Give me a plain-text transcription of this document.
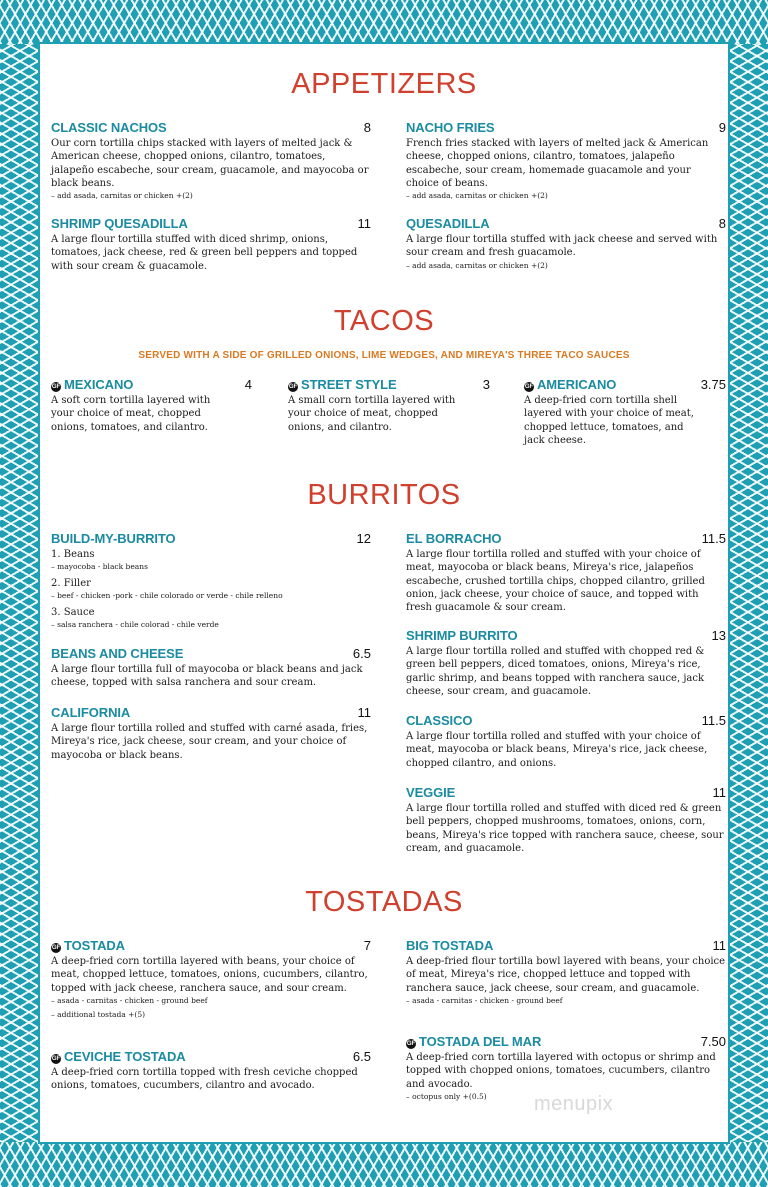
APPETIZERS
CLASSIC NACHOS	8
Our corn tortilla chips stacked with layers of melted jack & American cheese, chopped onions, cilantro, tomatoes, jalapeño escabeche, sour cream, guacamole, and mayocoba or black beans.
– add asada, carnitas or chicken +(2)
NACHO FRIES	9
French fries stacked with layers of melted jack & American cheese, chopped onions, cilantro, tomatoes, jalapeño escabeche, sour cream, homemade guacamole and your choice of beans.
– add asada, carnitas or chicken +(2)
SHRIMP QUESADILLA	11
A large flour tortilla stuffed with diced shrimp, onions, tomatoes, jack cheese, red & green bell peppers and topped with sour cream & guacamole.
QUESADILLA	8
A large flour tortilla stuffed with jack cheese and served with sour cream and fresh guacamole.
– add asada, carnitas or chicken +(2)
TACOS
SERVED WITH A SIDE OF GRILLED ONIONS, LIME WEDGES, AND MIREYA'S THREE TACO SAUCES
GF MEXICANO	4
A soft corn tortilla layered with your choice of meat, chopped onions, tomatoes, and cilantro.
GF STREET STYLE	3
A small corn tortilla layered with your choice of meat, chopped onions, and cilantro.
GF AMERICANO	3.75
A deep-fried corn tortilla shell layered with your choice of meat, chopped lettuce, tomatoes, and jack cheese.
BURRITOS
BUILD-MY-BURRITO	12
1. Beans
– mayocoba - black beans
2. Filler
– beef - chicken -pork - chile colorado or verde - chile relleno
3. Sauce
– salsa ranchera - chile colorad - chile verde
BEANS AND CHEESE	6.5
A large flour tortilla full of mayocoba or black beans and jack cheese, topped with salsa ranchera and sour cream.
CALIFORNIA	11
A large flour tortilla rolled and stuffed with carné asada, fries, Mireya's rice, jack cheese, sour cream, and your choice of mayocoba or black beans.
EL BORRACHO	11.5
A large flour tortilla rolled and stuffed with your choice of meat, mayocoba or black beans, Mireya's rice, jalapeños escabeche, crushed tortilla chips, chopped cilantro, grilled onion, jack cheese, your choice of sauce, and topped with fresh guacamole & sour cream.
SHRIMP BURRITO	13
A large flour tortilla rolled and stuffed with chopped red & green bell peppers, diced tomatoes, onions, Mireya's rice, garlic shrimp, and beans topped with ranchera sauce, jack cheese, sour cream, and guacamole.
CLASSICO	11.5
A large flour tortilla rolled and stuffed with your choice of meat, mayocoba or black beans, Mireya's rice, jack cheese, chopped cilantro, and onions.
VEGGIE	11
A large flour tortilla rolled and stuffed with diced red & green bell peppers, chopped mushrooms, tomatoes, onions, corn, beans, Mireya's rice topped with ranchera sauce, cheese, sour cream, and guacamole.
TOSTADAS
GF TOSTADA	7
A deep-fried corn tortilla layered with beans, your choice of meat, chopped lettuce, tomatoes, onions, cucumbers, cilantro, topped with jack cheese, ranchera sauce, and sour cream.
– asada - carnitas - chicken - ground beef
– additional tostada +(5)
GF CEVICHE TOSTADA	6.5
A deep-fried corn tortilla topped with fresh ceviche chopped onions, tomatoes, cucumbers, cilantro and avocado.
BIG TOSTADA	11
A deep-fried flour tortilla bowl layered with beans, your choice of meat, Mireya's rice, chopped lettuce and topped with ranchera sauce, jack cheese, sour cream, and guacamole.
– asada - carnitas - chicken - ground beef
GF TOSTADA DEL MAR	7.50
A deep-fried corn tortilla layered with octopus or shrimp and topped with chopped onions, tomatoes, cucumbers, cilantro and avocado.
– octopus only +(0.5)	menupix
